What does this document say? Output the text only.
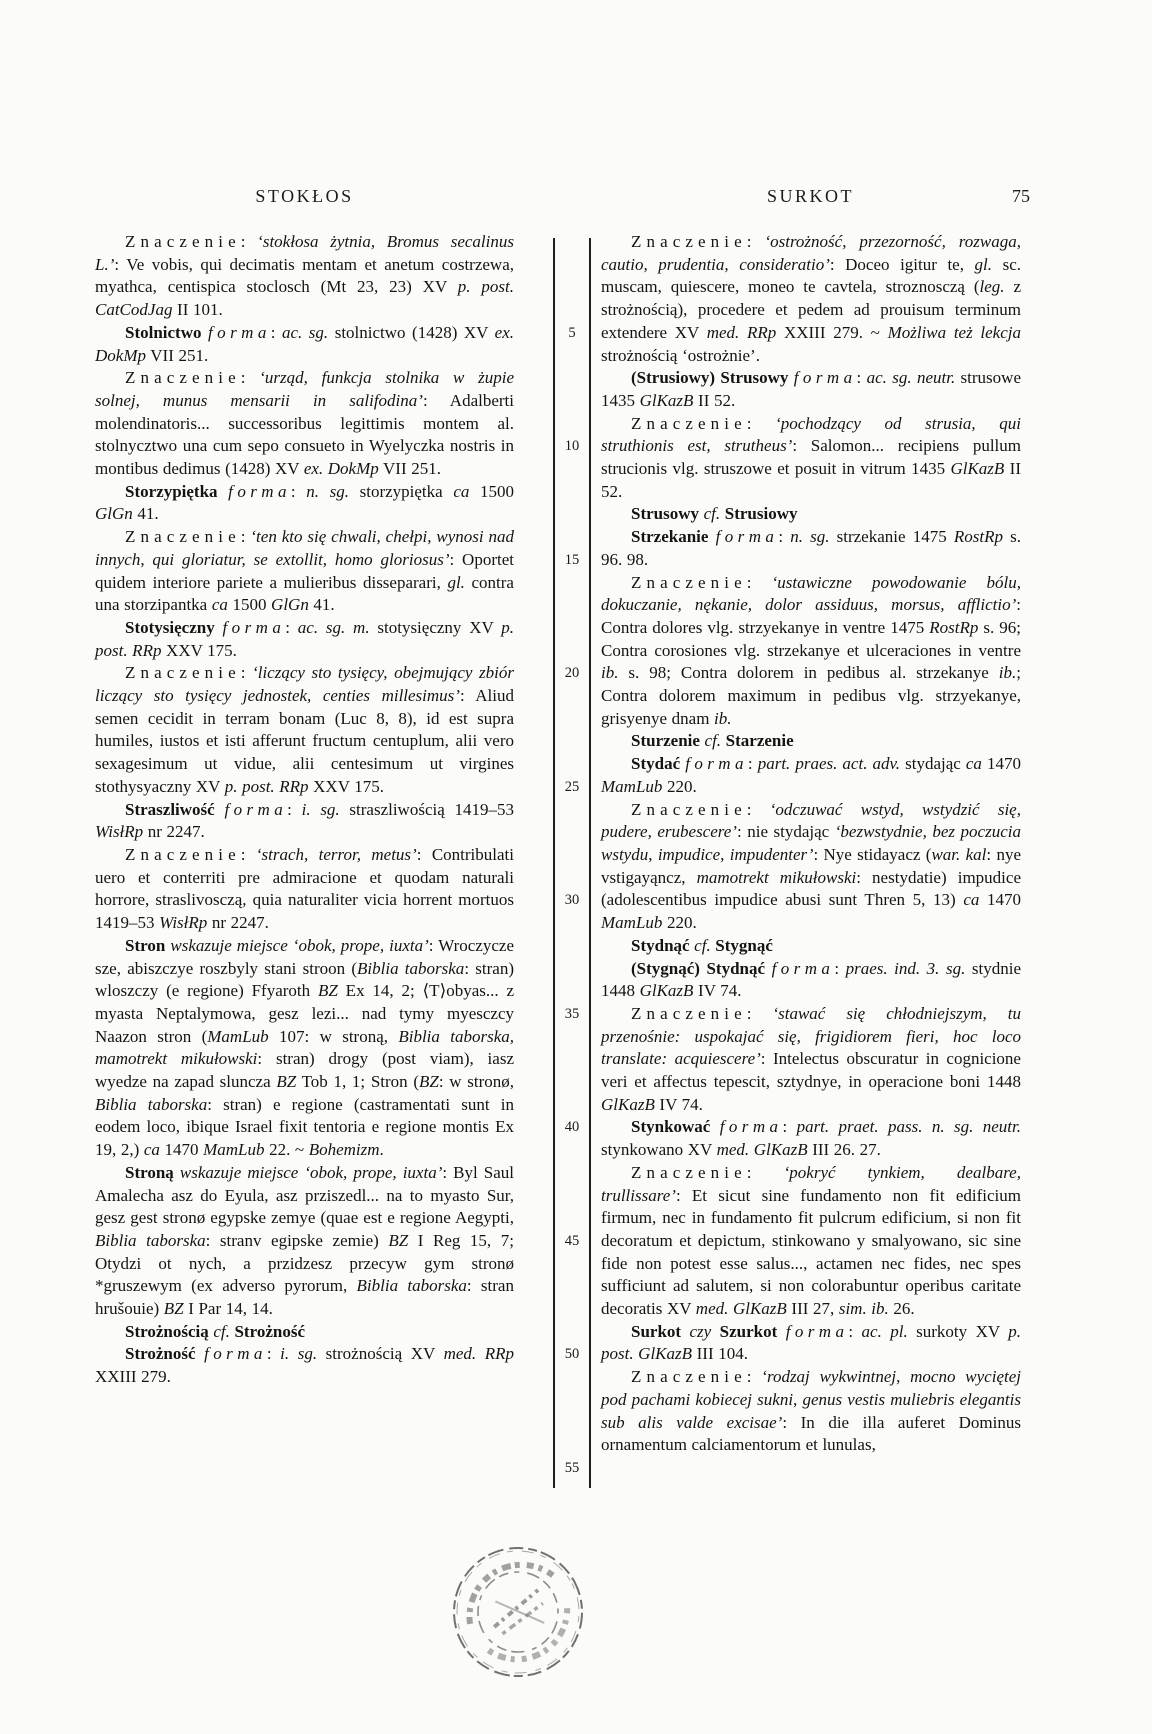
STOKŁOS	SURKOT	75

Znaczenie: ‘stokłosa żytnia, Bromus secalinus L.’: Ve vobis, qui decimatis mentam et anetum costrzewa, myathca, centispica stoclosch (Mt 23, 23) XV p. post. CatCodJag II 101.

Stolnictwo forma: ac. sg. stolnictwo (1428) XV ex. DokMp VII 251.

Znaczenie: ‘urząd, funkcja stolnika w żupie solnej, munus mensarii in salifodina’: Adalberti molendinatoris... successoribus legittimis montem al. stolnycztwo una cum sepo consueto in Wyelyczka nostris in montibus dedimus (1428) XV ex. DokMp VII 251.

Storzypiętka forma: n. sg. storzypiętka ca 1500 GlGn 41.

Znaczenie: ‘ten kto się chwali, chełpi, wynosi nad innych, qui gloriatur, se extollit, homo gloriosus’: Oportet quidem interiore pariete a mulieribus disseparari, gl. contra una storzipantka ca 1500 GlGn 41.

Stotysięczny forma: ac. sg. m. stotysięczny XV p. post. RRp XXV 175.

Znaczenie: ‘liczący sto tysięcy, obejmujący zbiór liczący sto tysięcy jednostek, centies millesimus’: Aliud semen cecidit in terram bonam (Luc 8, 8), id est supra humiles, iustos et isti afferunt fructum centuplum, alii vero sexagesimum ut vidue, alii centesimum ut virgines stothysyaczny XV p. post. RRp XXV 175.

Straszliwość forma: i. sg. straszliwością 1419–53 WisłRp nr 2247.

Znaczenie: ‘strach, terror, metus’: Contribulati uero et conterriti pre admiracione et quodam naturali horrore, straslivosczą, quia naturaliter vicia horrent mortuos 1419–53 WisłRp nr 2247.

Stron wskazuje miejsce ‘obok, prope, iuxta’: Wroczycze sze, abiszczye roszbyly stani stroon (Biblia taborska: stran) wloszczy (e regione) Ffyaroth BZ Ex 14, 2; ⟨T⟩obyas... z myasta Neptalymowa, gesz lezi... nad tymy myesczcy Naazon stron (MamLub 107: w stroną, Biblia taborska, mamotrekt mikułowski: stran) drogy (post viam), iasz wyedze na zapad sluncza BZ Tob 1, 1; Stron (BZ: w stronø, Biblia taborska: stran) e regione (castramentati sunt in eodem loco, ibique Israel fixit tentoria e regione montis Ex 19, 2,) ca 1470 MamLub 22. ~ Bohemizm.

Stroną wskazuje miejsce ‘obok, prope, iuxta’: Byl Saul Amalecha asz do Eyula, asz prziszedl... na to myasto Sur, gesz gest stronø egypske zemye (quae est e regione Aegypti, Biblia taborska: stranv egipske zemie) BZ I Reg 15, 7; Otydzi ot nych, a przidzesz przecyw gym stronø *gruszewym (ex adverso pyrorum, Biblia taborska: stran hrušouie) BZ I Par 14, 14.

Strożnością cf. Strożność

Strożność forma: i. sg. strożnością XV med. RRp XXIII 279.

5
10
15
20
25
30
35
40
45
50
55

Znaczenie: ‘ostrożność, przezorność, rozwaga, cautio, prudentia, consideratio’: Doceo igitur te, gl. sc. muscam, quiescere, moneo te cavtela, stroznosczą (leg. z strożnością), procedere et pedem ad prouisum terminum extendere XV med. RRp XXIII 279. ~ Możliwa też lekcja strożnością ‘ostrożnie’.

(Strusiowy) Strusowy forma: ac. sg. neutr. strusowe 1435 GlKazB II 52.

Znaczenie: ‘pochodzący od strusia, qui struthionis est, strutheus’: Salomon... recipiens pullum strucionis vlg. struszowe et posuit in vitrum 1435 GlKazB II 52.

Strusowy cf. Strusiowy

Strzekanie forma: n. sg. strzekanie 1475 RostRp s. 96. 98.

Znaczenie: ‘ustawiczne powodowanie bólu, dokuczanie, nękanie, dolor assiduus, morsus, afflictio’: Contra dolores vlg. strzyekanye in ventre 1475 RostRp s. 96; Contra corosiones vlg. strzekanye et ulceraciones in ventre ib. s. 98; Contra dolorem in pedibus al. strzekanye ib.; Contra dolorem maximum in pedibus vlg. strzyekanye, grisyenye dnam ib.

Sturzenie cf. Starzenie

Stydać forma: part. praes. act. adv. stydając ca 1470 MamLub 220.

Znaczenie: ‘odczuwać wstyd, wstydzić się, pudere, erubescere’: nie stydając ‘bezwstydnie, bez poczucia wstydu, impudice, impudenter’: Nye stidayacz (war. kal: nye vstigayąncz, mamotrekt mikułowski: nestydatie) impudice (adolescentibus impudice abusi sunt Thren 5, 13) ca 1470 MamLub 220.

Stydnąć cf. Stygnąć

(Stygnąć) Stydnąć forma: praes. ind. 3. sg. stydnie 1448 GlKazB IV 74.

Znaczenie: ‘stawać się chłodniejszym, tu przenośnie: uspokajać się, frigidiorem fieri, hoc loco translate: acquiescere’: Intelectus obscuratur in cognicione veri et affectus tepescit, sztydnye, in operacione boni 1448 GlKazB IV 74.

Stynkować forma: part. praet. pass. n. sg. neutr. stynkowano XV med. GlKazB III 26. 27.

Znaczenie: ‘pokryć tynkiem, dealbare, trullissare’: Et sicut sine fundamento non fit edificium firmum, nec in fundamento fit pulcrum edificium, si non fit decoratum et depictum, stinkowano y smalyowano, sic sine fide non potest esse salus..., actamen nec fides, nec spes sufficiunt ad salutem, si non colorabuntur operibus caritate decoratis XV med. GlKazB III 27, sim. ib. 26.

Surkot czy Szurkot forma: ac. pl. surkoty XV p. post. GlKazB III 104.

Znaczenie: ‘rodzaj wykwintnej, mocno wyciętej pod pachami kobiecej sukni, genus vestis muliebris elegantis sub alis valde excisae’: In die illa auferet Dominus ornamentum calciamentorum et lunulas,
